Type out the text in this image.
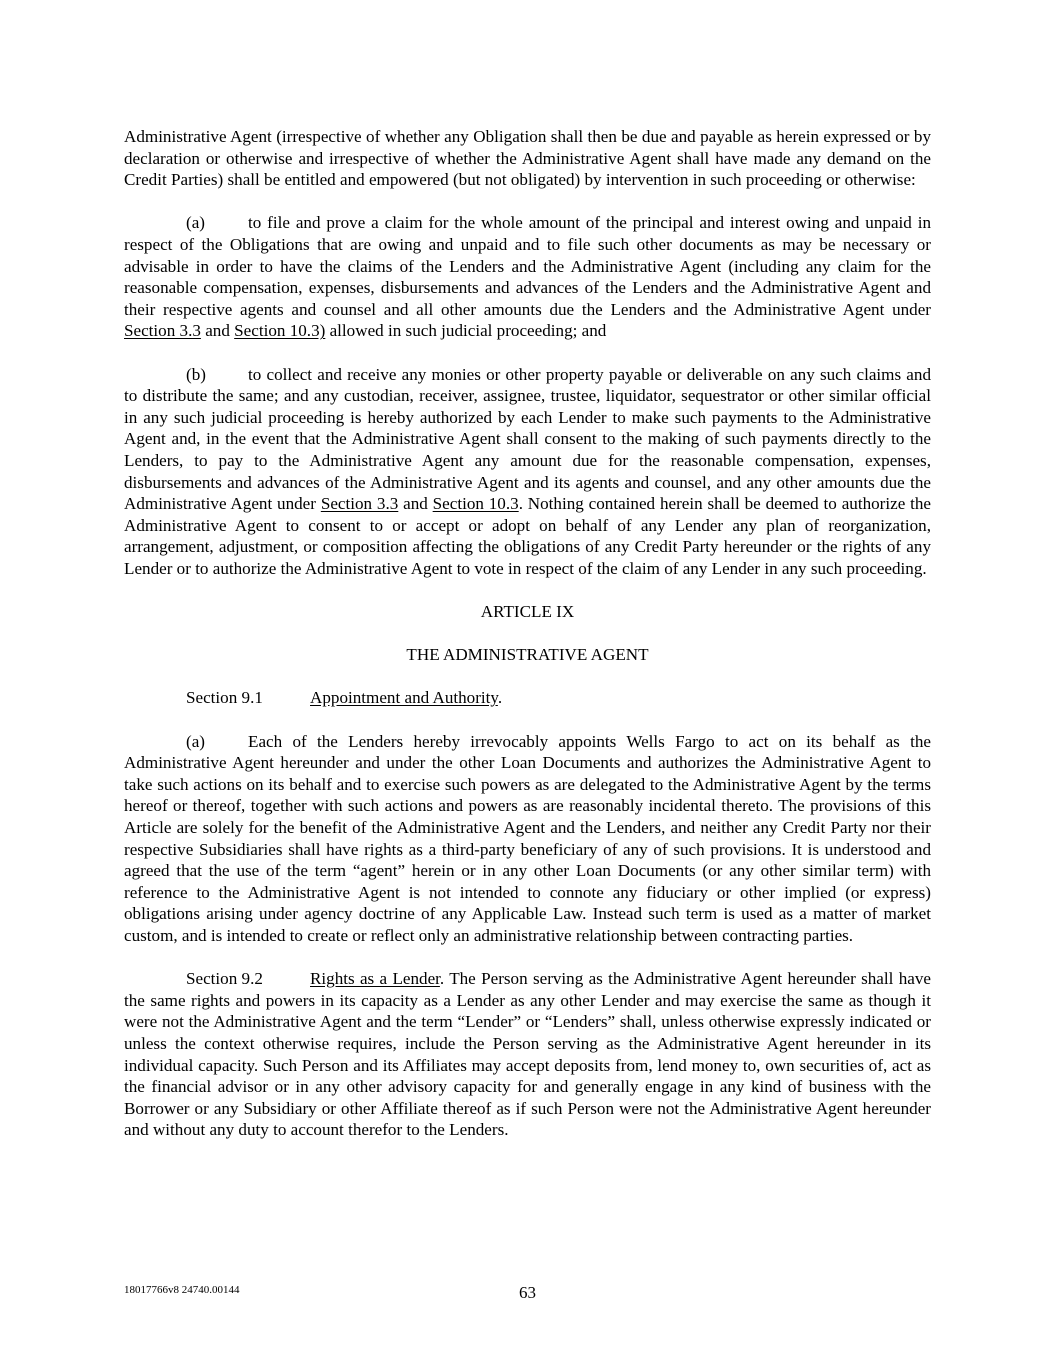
Administrative Agent (irrespective of whether any Obligation shall then be due and payable as herein expressed or by declaration or otherwise and irrespective of whether the Administrative Agent shall have made any demand on the Credit Parties) shall be entitled and empowered (but not obligated) by intervention in such proceeding or otherwise:

(a)	to file and prove a claim for the whole amount of the principal and interest owing and unpaid in respect of the Obligations that are owing and unpaid and to file such other documents as may be necessary or advisable in order to have the claims of the Lenders and the Administrative Agent (including any claim for the reasonable compensation, expenses, disbursements and advances of the Lenders and the Administrative Agent and their respective agents and counsel and all other amounts due the Lenders and the Administrative Agent under Section 3.3 and Section 10.3) allowed in such judicial proceeding; and

(b) to collect and receive any monies or other property payable or deliverable on any such claims and to distribute the same; and any custodian, receiver, assignee, trustee, liquidator, sequestrator or other similar official in any such judicial proceeding is hereby authorized by each Lender to make such payments to the Administrative Agent and, in the event that the Administrative Agent shall consent to the making of such payments directly to the Lenders, to pay to the Administrative Agent any amount due for the reasonable compensation, expenses, disbursements and advances of the Administrative Agent and its agents and counsel, and any other amounts due the Administrative Agent under Section 3.3 and Section 10.3. Nothing contained herein shall be deemed to authorize the Administrative Agent to consent to or accept or adopt on behalf of any Lender any plan of reorganization, arrangement, adjustment, or composition affecting the obligations of any Credit Party hereunder or the rights of any Lender or to authorize the Administrative Agent to vote in respect of the claim of any Lender in any such proceeding.

ARTICLE IX

THE ADMINISTRATIVE AGENT

Section 9.1	Appointment and Authority.

(a)	Each of the Lenders hereby irrevocably appoints Wells Fargo to act on its behalf as the Administrative Agent hereunder and under the other Loan Documents and authorizes the Administrative Agent to take such actions on its behalf and to exercise such powers as are delegated to the Administrative Agent by the terms hereof or thereof, together with such actions and powers as are reasonably incidental thereto. The provisions of this Article are solely for the benefit of the Administrative Agent and the Lenders, and neither any Credit Party nor their respective Subsidiaries shall have rights as a third-party beneficiary of any of such provisions. It is understood and agreed that the use of the term “agent” herein or in any other Loan Documents (or any other similar term) with reference to the Administrative Agent is not intended to connote any fiduciary or other implied (or express) obligations arising under agency doctrine of any Applicable Law. Instead such term is used as a matter of market custom, and is intended to create or reflect only an administrative relationship between contracting parties.

Section 9.2	Rights as a Lender. The Person serving as the Administrative Agent hereunder shall have the same rights and powers in its capacity as a Lender as any other Lender and may exercise the same as though it were not the Administrative Agent and the term “Lender” or “Lenders” shall, unless otherwise expressly indicated or unless the context otherwise requires, include the Person serving as the Administrative Agent hereunder in its individual capacity. Such Person and its Affiliates may accept deposits from, lend money to, own securities of, act as the financial advisor or in any other advisory capacity for and generally engage in any kind of business with the Borrower or any Subsidiary or other Affiliate thereof as if such Person were not the Administrative Agent hereunder and without any duty to account therefor to the Lenders.

18017766v8 24740.00144	63
